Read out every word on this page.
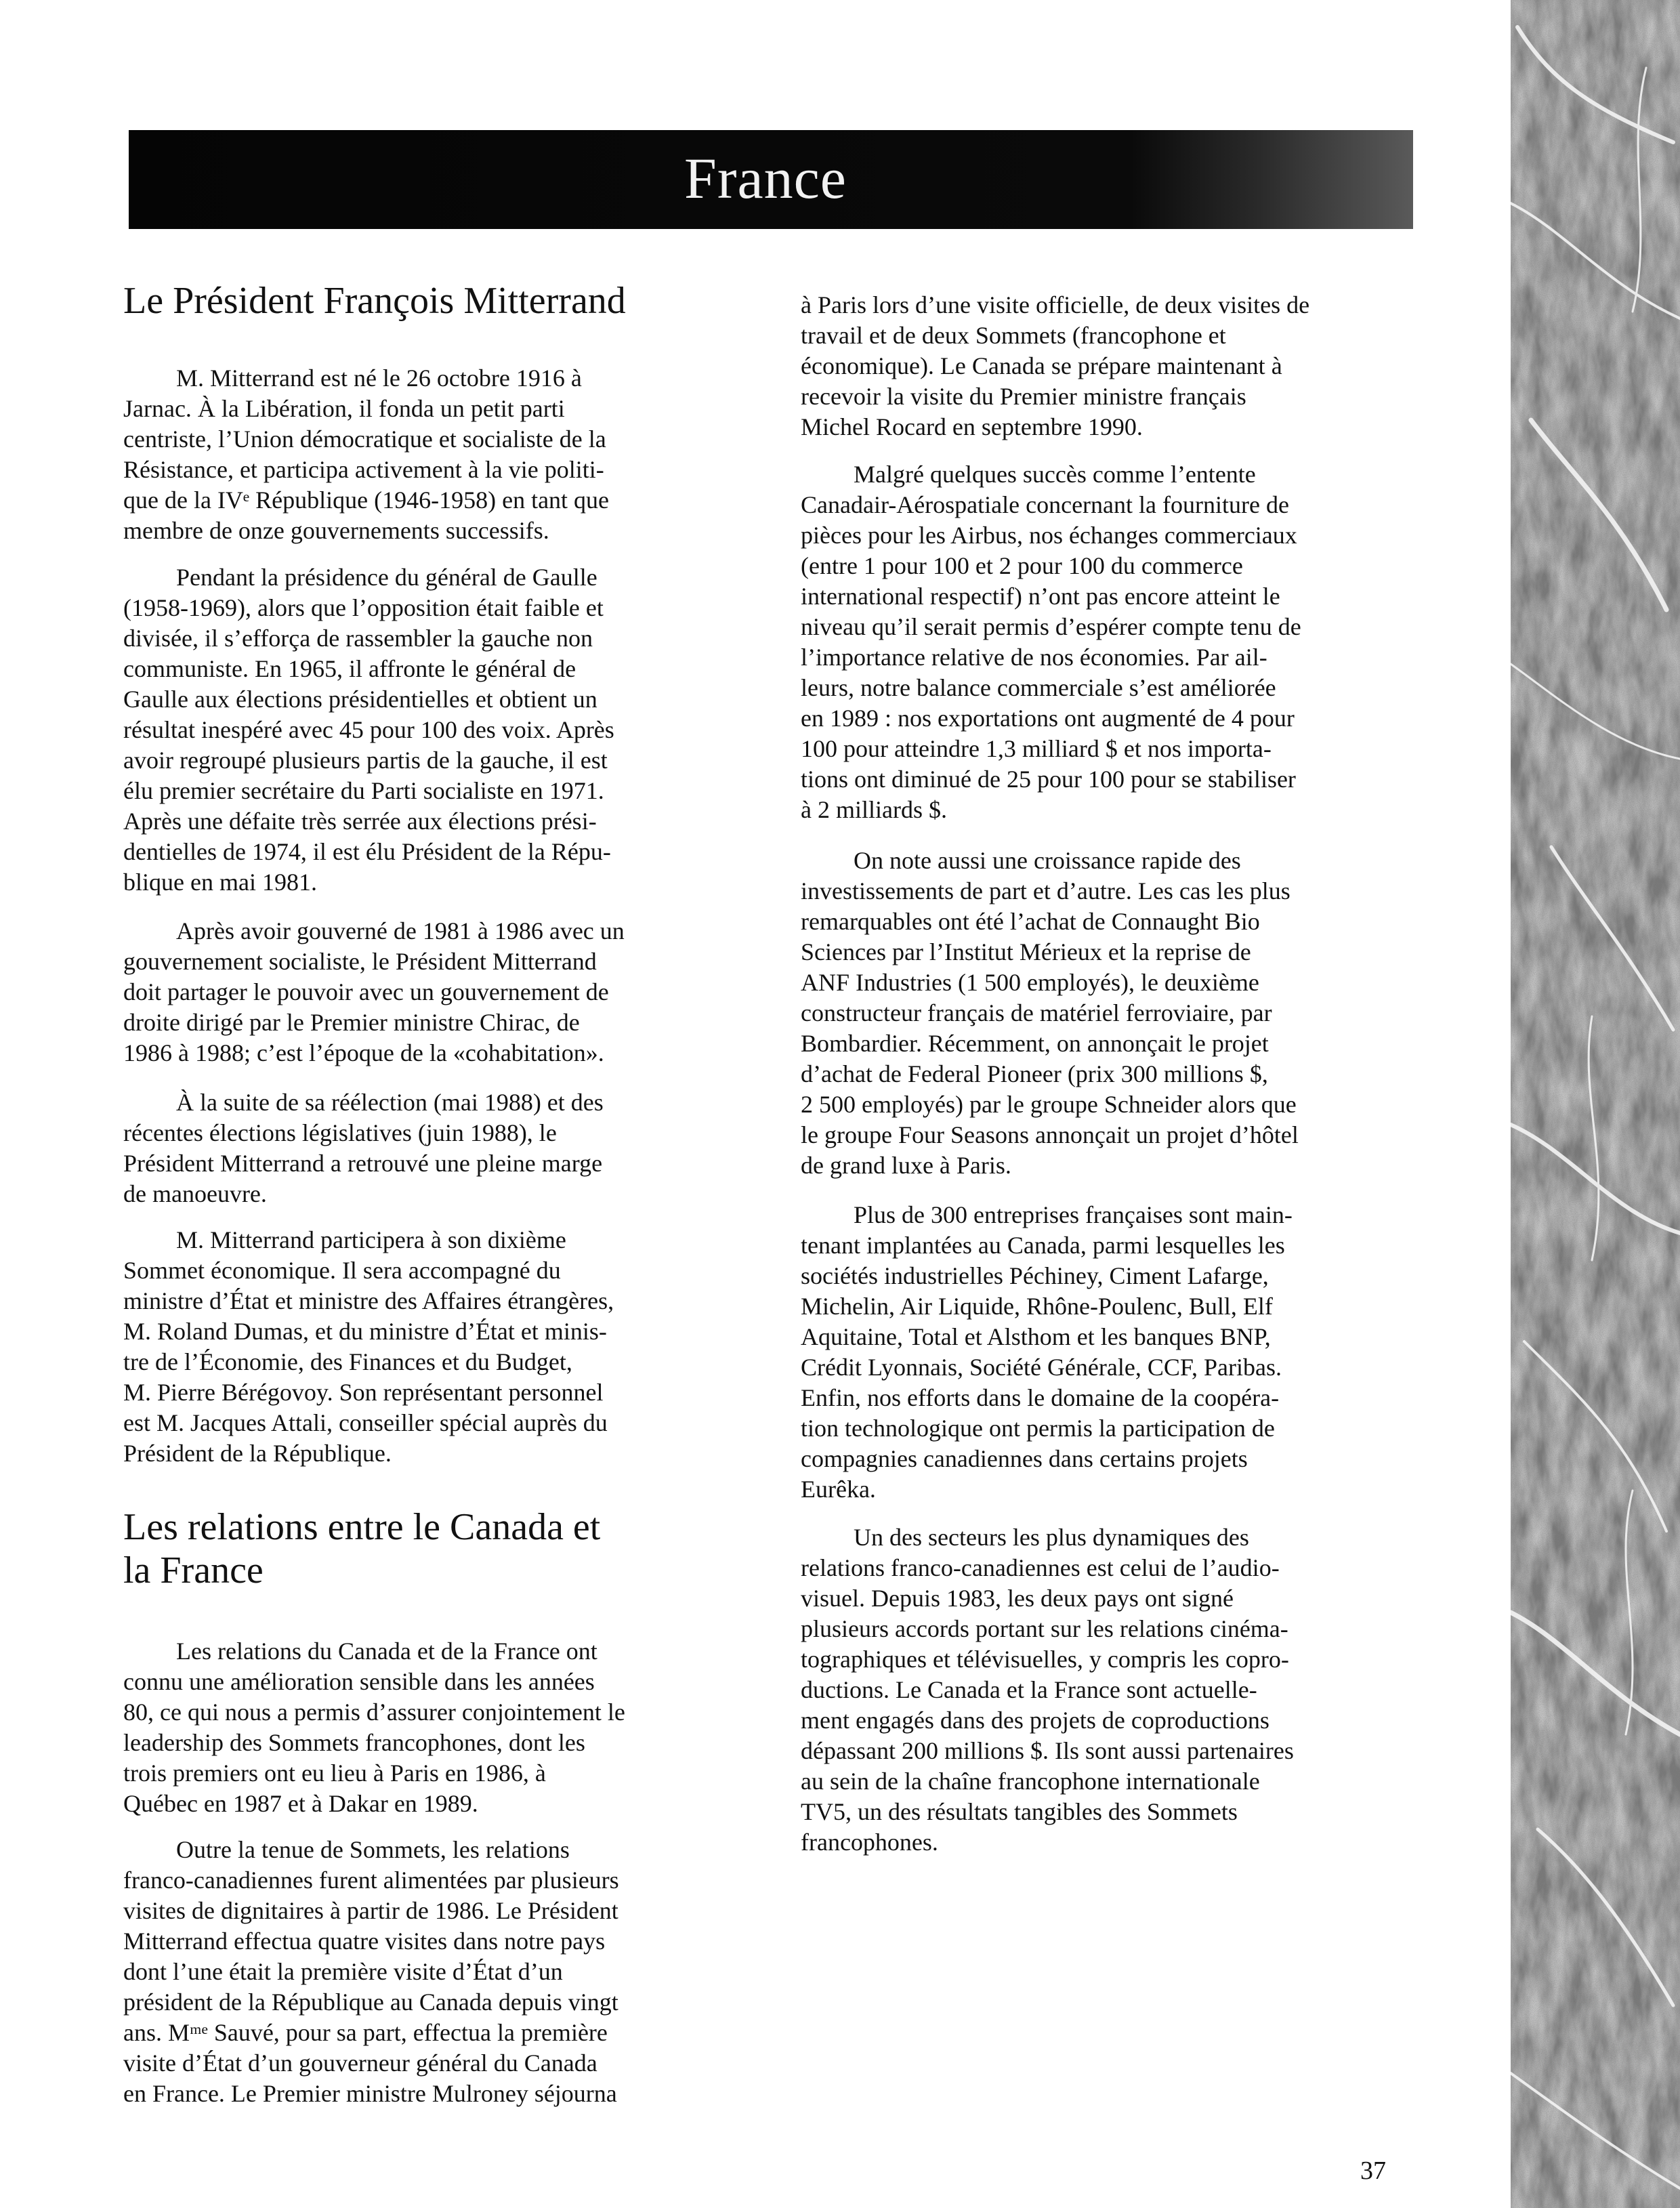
France
Le Président François Mitterrand

M. Mitterrand est né le 26 octobre 1916 à
Jarnac. À la Libération, il fonda un petit parti
centriste, l’Union démocratique et socialiste de la
Résistance, et participa activement à la vie politi-
que de la IVᵉ République (1946-1958) en tant que
membre de onze gouvernements successifs.

Pendant la présidence du général de Gaulle
(1958-1969), alors que l’opposition était faible et
divisée, il s’efforça de rassembler la gauche non
communiste. En 1965, il affronte le général de
Gaulle aux élections présidentielles et obtient un
résultat inespéré avec 45 pour 100 des voix. Après
avoir regroupé plusieurs partis de la gauche, il est
élu premier secrétaire du Parti socialiste en 1971.
Après une défaite très serrée aux élections prési-
dentielles de 1974, il est élu Président de la Répu-
blique en mai 1981.

Après avoir gouverné de 1981 à 1986 avec un
gouvernement socialiste, le Président Mitterrand
doit partager le pouvoir avec un gouvernement de
droite dirigé par le Premier ministre Chirac, de
1986 à 1988; c’est l’époque de la «cohabitation».

À la suite de sa réélection (mai 1988) et des
récentes élections législatives (juin 1988), le
Président Mitterrand a retrouvé une pleine marge
de manoeuvre.

M. Mitterrand participera à son dixième
Sommet économique. Il sera accompagné du
ministre d’État et ministre des Affaires étrangères,
M. Roland Dumas, et du ministre d’État et minis-
tre de l’Économie, des Finances et du Budget,
M. Pierre Bérégovoy. Son représentant personnel
est M. Jacques Attali, conseiller spécial auprès du
Président de la République.

Les relations entre le Canada et
la France

Les relations du Canada et de la France ont
connu une amélioration sensible dans les années
80, ce qui nous a permis d’assurer conjointement le
leadership des Sommets francophones, dont les
trois premiers ont eu lieu à Paris en 1986, à
Québec en 1987 et à Dakar en 1989.

Outre la tenue de Sommets, les relations
franco-canadiennes furent alimentées par plusieurs
visites de dignitaires à partir de 1986. Le Président
Mitterrand effectua quatre visites dans notre pays
dont l’une était la première visite d’État d’un
président de la République au Canada depuis vingt
ans. Mᵐᵉ Sauvé, pour sa part, effectua la première
visite d’État d’un gouverneur général du Canada
en France. Le Premier ministre Mulroney séjourna

à Paris lors d’une visite officielle, de deux visites de
travail et de deux Sommets (francophone et
économique). Le Canada se prépare maintenant à
recevoir la visite du Premier ministre français
Michel Rocard en septembre 1990.

Malgré quelques succès comme l’entente
Canadair-Aérospatiale concernant la fourniture de
pièces pour les Airbus, nos échanges commerciaux
(entre 1 pour 100 et 2 pour 100 du commerce
international respectif) n’ont pas encore atteint le
niveau qu’il serait permis d’espérer compte tenu de
l’importance relative de nos économies. Par ail-
leurs, notre balance commerciale s’est améliorée
en 1989 : nos exportations ont augmenté de 4 pour
100 pour atteindre 1,3 milliard $ et nos importa-
tions ont diminué de 25 pour 100 pour se stabiliser
à 2 milliards $.

On note aussi une croissance rapide des
investissements de part et d’autre. Les cas les plus
remarquables ont été l’achat de Connaught Bio
Sciences par l’Institut Mérieux et la reprise de
ANF Industries (1 500 employés), le deuxième
constructeur français de matériel ferroviaire, par
Bombardier. Récemment, on annonçait le projet
d’achat de Federal Pioneer (prix 300 millions $,
2 500 employés) par le groupe Schneider alors que
le groupe Four Seasons annonçait un projet d’hôtel
de grand luxe à Paris.

Plus de 300 entreprises françaises sont main-
tenant implantées au Canada, parmi lesquelles les
sociétés industrielles Péchiney, Ciment Lafarge,
Michelin, Air Liquide, Rhône-Poulenc, Bull, Elf
Aquitaine, Total et Alsthom et les banques BNP,
Crédit Lyonnais, Société Générale, CCF, Paribas.
Enfin, nos efforts dans le domaine de la coopéra-
tion technologique ont permis la participation de
compagnies canadiennes dans certains projets
Eurêka.

Un des secteurs les plus dynamiques des
relations franco-canadiennes est celui de l’audio-
visuel. Depuis 1983, les deux pays ont signé
plusieurs accords portant sur les relations cinéma-
tographiques et télévisuelles, y compris les copro-
ductions. Le Canada et la France sont actuelle-
ment engagés dans des projets de coproductions
dépassant 200 millions $. Ils sont aussi partenaires
au sein de la chaîne francophone internationale
TV5, un des résultats tangibles des Sommets
francophones.

37
